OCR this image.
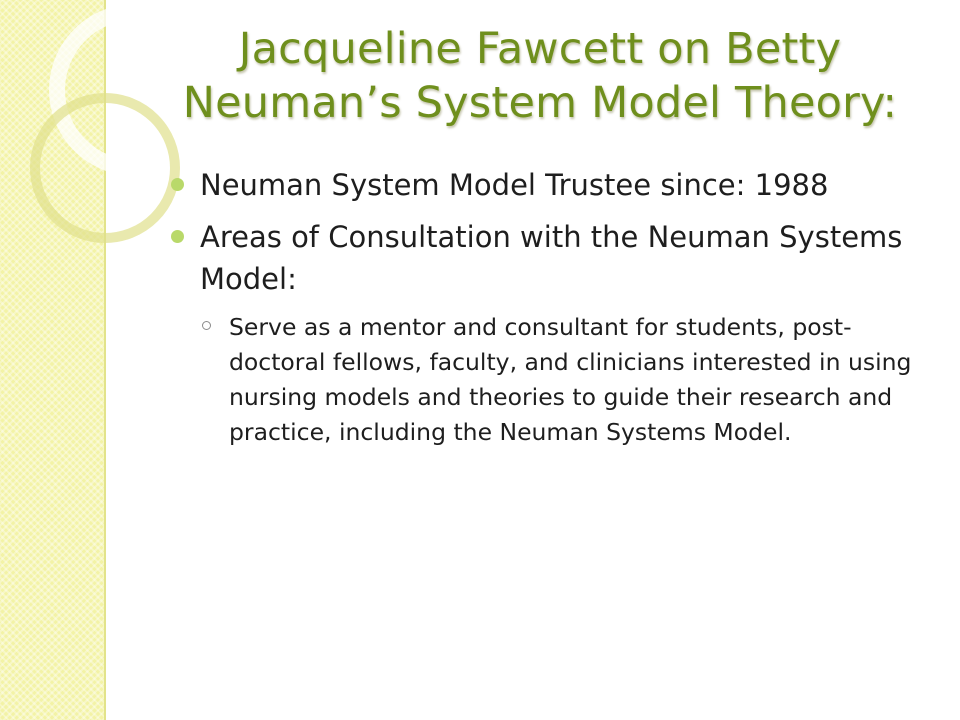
Jacqueline Fawcett on Betty Neuman’s System Model Theory:
Neuman System Model Trustee since: 1988
Areas of Consultation with the Neuman Systems Model:
Serve as a mentor and consultant for students, post-doctoral fellows, faculty, and clinicians interested in using nursing models and theories to guide their research and practice, including the Neuman Systems Model.
